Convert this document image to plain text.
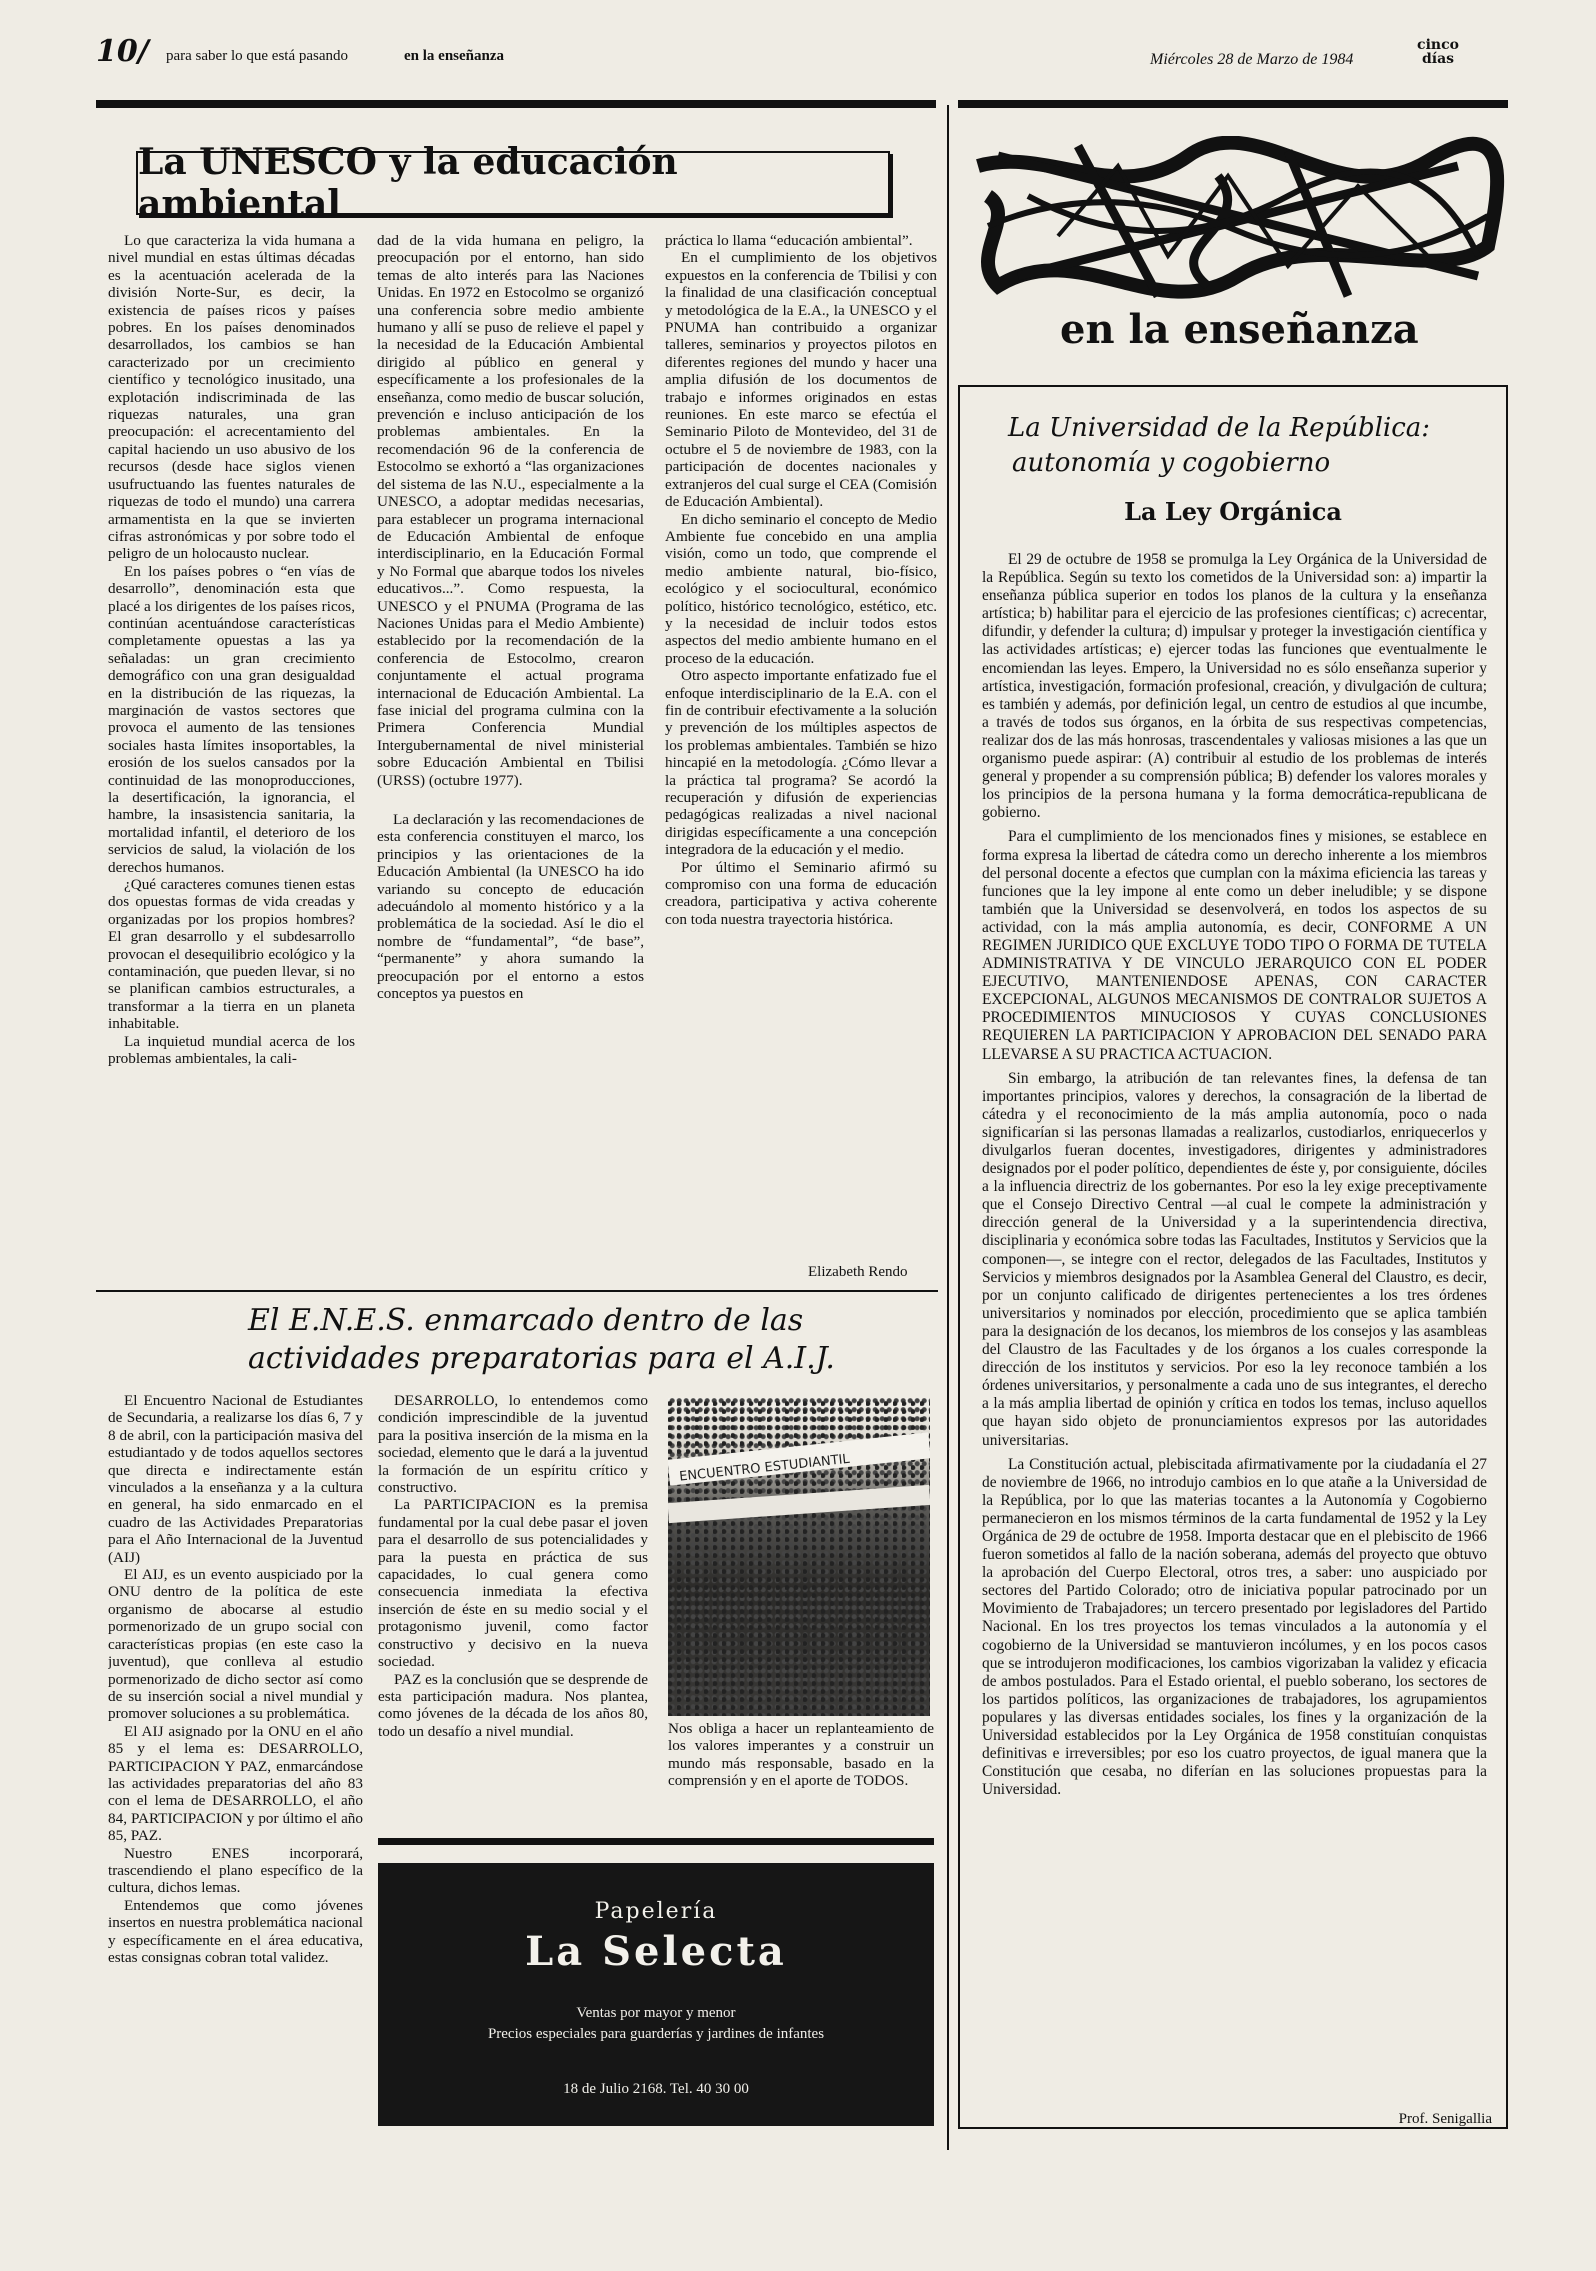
10/ para saber lo que está pasando	en la enseñanza	Miércoles 28 de Marzo de 1984
cinco días
La UNESCO y la educación ambiental

Lo que caracteriza la vida humana a nivel mundial en estas últimas décadas es la acentuación acelerada de la división Norte-Sur, es decir, la existencia de países ricos y países pobres. En los países denominados desarrollados, los cambios se han caracterizado por un crecimiento científico y tecnológico inusitado, una explotación indiscriminada de las riquezas naturales, una gran preocupación: el acrecentamiento del capital haciendo un uso abusivo de los recursos (desde hace siglos vienen usufructuando las fuentes naturales de riquezas de todo el mundo) una carrera armamentista en la que se invierten cifras astronómicas y por sobre todo el peligro de un holocausto nuclear.

En los países pobres o “en vías de desarrollo”, denominación esta que placé a los dirigentes de los países ricos, continúan acentuándose características completamente opuestas a las ya señaladas: un gran crecimiento demográfico con una gran desigualdad en la distribución de las riquezas, la marginación de vastos sectores que provoca el aumento de las tensiones sociales hasta límites insoportables, la erosión de los suelos cansados por la continuidad de las monoproducciones, la desertificación, la ignorancia, el hambre, la insasistencia sanitaria, la mortalidad infantil, el deterioro de los servicios de salud, la violación de los derechos humanos.

¿Qué caracteres comunes tienen estas dos opuestas formas de vida creadas y organizadas por los propios hombres? El gran desarrollo y el subdesarrollo provocan el desequilibrio ecológico y la contaminación, que pueden llevar, si no se planifican cambios estructurales, a transformar a la tierra en un planeta inhabitable.

La inquietud mundial acerca de los problemas ambientales, la cali-

dad de la vida humana en peligro, la preocupación por el entorno, han sido temas de alto interés para las Naciones Unidas. En 1972 en Estocolmo se organizó una conferencia sobre medio ambiente humano y allí se puso de relieve el papel y la necesidad de la Educación Ambiental dirigido al público en general y específicamente a los profesionales de la enseñanza, como medio de buscar solución, prevención e incluso anticipación de los problemas ambientales. En la recomendación 96 de la conferencia de Estocolmo se exhortó a “las organizaciones del sistema de las N.U., especialmente a la UNESCO, a adoptar medidas necesarias, para establecer un programa internacional de Educación Ambiental de enfoque interdisciplinario, en la Educación Formal y No Formal que abarque todos los niveles educativos...”. Como respuesta, la UNESCO y el PNUMA (Programa de las Naciones Unidas para el Medio Ambiente) establecido por la recomendación de la conferencia de Estocolmo, crearon conjuntamente el actual programa internacional de Educación Ambiental. La fase inicial del programa culmina con la Primera Conferencia Mundial Intergubernamental de nivel ministerial sobre Educación Ambiental en Tbilisi (URSS) (octubre 1977).

La declaración y las recomendaciones de esta conferencia constituyen el marco, los principios y las orientaciones de la Educación Ambiental (la UNESCO ha ido variando su concepto de educación adecuándolo al momento histórico y a la problemática de la sociedad. Así le dio el nombre de “fundamental”, “de base”, “permanente” y ahora sumando la preocupación por el entorno a estos conceptos ya puestos en

práctica lo llama “educación ambiental”.

En el cumplimiento de los objetivos expuestos en la conferencia de Tbilisi y con la finalidad de una clasificación conceptual y metodológica de la E.A., la UNESCO y el PNUMA han contribuido a organizar talleres, seminarios y proyectos pilotos en diferentes regiones del mundo y hacer una amplia difusión de los documentos de trabajo e informes originados en estas reuniones. En este marco se efectúa el Seminario Piloto de Montevideo, del 31 de octubre el 5 de noviembre de 1983, con la participación de docentes nacionales y extranjeros del cual surge el CEA (Comisión de Educación Ambiental).

En dicho seminario el concepto de Medio Ambiente fue concebido en una amplia visión, como un todo, que comprende el medio ambiente natural, bio-físico, ecológico y el sociocultural, económico político, histórico tecnológico, estético, etc. y la necesidad de incluir todos estos aspectos del medio ambiente humano en el proceso de la educación.

Otro aspecto importante enfatizado fue el enfoque interdisciplinario de la E.A. con el fin de contribuir efectivamente a la solución y prevención de los múltiples aspectos de los problemas ambientales. También se hizo hincapié en la metodología. ¿Cómo llevar a la práctica tal programa? Se acordó la recuperación y difusión de experiencias pedagógicas realizadas a nivel nacional dirigidas específicamente a una concepción integradora de la educación y el medio.

Por último el Seminario afirmó su compromiso con una forma de educación creadora, participativa y activa coherente con toda nuestra trayectoria histórica.

Elizabeth Rendo
El E.N.E.S. enmarcado dentro de las
actividades preparatorias para el A.I.J.

El Encuentro Nacional de Estudiantes de Secundaria, a realizarse los días 6, 7 y 8 de abril, con la participación masiva del estudiantado y de todos aquellos sectores que directa e indirectamente están vinculados a la enseñanza y a la cultura en general, ha sido enmarcado en el cuadro de las Actividades Preparatorias para el Año Internacional de la Juventud (AIJ)

El AIJ, es un evento auspiciado por la ONU dentro de la política de este organismo de abocarse al estudio pormenorizado de un grupo social con características propias (en este caso la juventud), que conlleva al estudio pormenorizado de dicho sector así como de su inserción social a nivel mundial y promover soluciones a su problemática.

El AIJ asignado por la ONU en el año 85 y el lema es: DESARROLLO, PARTICIPACION Y PAZ, enmarcándose las actividades preparatorias del año 83 con el lema de DESARROLLO, el año 84, PARTICIPACION y por último el año 85, PAZ.

Nuestro ENES incorporará, trascendiendo el plano específico de la cultura, dichos lemas.

Entendemos que como jóvenes insertos en nuestra problemática nacional y específicamente en el área educativa, estas consignas cobran total validez.

DESARROLLO, lo entendemos como condición imprescindible de la juventud para la positiva inserción de la misma en la sociedad, elemento que le dará a la juventud la formación de un espíritu crítico y constructivo.

La PARTICIPACION es la premisa fundamental por la cual debe pasar el joven para el desarrollo de sus potencialidades y para la puesta en práctica de sus capacidades, lo cual genera como consecuencia inmediata la efectiva inserción de éste en su medio social y el protagonismo juvenil, como factor constructivo y decisivo en la nueva sociedad.

PAZ es la conclusión que se desprende de esta participación madura. Nos plantea, como jóvenes de la década de los años 80, todo un desafío a nivel mundial.

ENCUENTRO ESTUDIANTIL

Nos obliga a hacer un replanteamiento de los valores imperantes y a construir un mundo más responsable, basado en la comprensión y en el aporte de TODOS.

Papelería
La Selecta
Ventas por mayor y menor
Precios especiales para guarderías y jardines de infantes
18 de Julio 2168. Tel. 40 30 00
en la enseñanza
La Universidad de la República:
autonomía y cogobierno
La Ley Orgánica

El 29 de octubre de 1958 se promulga la Ley Orgánica de la Universidad de la República. Según su texto los cometidos de la Universidad son: a) impartir la enseñanza pública superior en todos los planos de la cultura y la enseñanza artística; b) habilitar para el ejercicio de las profesiones científicas; c) acrecentar, difundir, y defender la cultura; d) impulsar y proteger la investigación científica y las actividades artísticas; e) ejercer todas las funciones que eventualmente le encomiendan las leyes. Empero, la Universidad no es sólo enseñanza superior y artística, investigación, formación profesional, creación, y divulgación de cultura; es también y además, por definición legal, un centro de estudios al que incumbe, a través de todos sus órganos, en la órbita de sus respectivas competencias, realizar dos de las más honrosas, trascendentales y valiosas misiones a las que un organismo puede aspirar: (A) contribuir al estudio de los problemas de interés general y propender a su comprensión pública; B) defender los valores morales y los principios de la persona humana y la forma democrática-republicana de gobierno.

Para el cumplimiento de los mencionados fines y misiones, se establece en forma expresa la libertad de cátedra como un derecho inherente a los miembros del personal docente a efectos que cumplan con la máxima eficiencia las tareas y funciones que la ley impone al ente como un deber ineludible; y se dispone también que la Universidad se desenvolverá, en todos los aspectos de su actividad, con la más amplia autonomía, es decir, CONFORME A UN REGIMEN JURIDICO QUE EXCLUYE TODO TIPO O FORMA DE TUTELA ADMINISTRATIVA Y DE VINCULO JERARQUICO CON EL PODER EJECUTIVO, MANTENIENDOSE APENAS, CON CARACTER EXCEPCIONAL, ALGUNOS MECANISMOS DE CONTRALOR SUJETOS A PROCEDIMIENTOS MINUCIOSOS Y CUYAS CONCLUSIONES REQUIEREN LA PARTICIPACION Y APROBACION DEL SENADO PARA LLEVARSE A SU PRACTICA ACTUACION.

Sin embargo, la atribución de tan relevantes fines, la defensa de tan importantes principios, valores y derechos, la consagración de la libertad de cátedra y el reconocimiento de la más amplia autonomía, poco o nada significarían si las personas llamadas a realizarlos, custodiarlos, enriquecerlos y divulgarlos fueran docentes, investigadores, dirigentes y administradores designados por el poder político, dependientes de éste y, por consiguiente, dóciles a la influencia directriz de los gobernantes. Por eso la ley exige preceptivamente que el Consejo Directivo Central —al cual le compete la administración y dirección general de la Universidad y a la superintendencia directiva, disciplinaria y económica sobre todas las Facultades, Institutos y Servicios que la componen—, se integre con el rector, delegados de las Facultades, Institutos y Servicios y miembros designados por la Asamblea General del Claustro, es decir, por un conjunto calificado de dirigentes pertenecientes a los tres órdenes universitarios y nominados por elección, procedimiento que se aplica también para la designación de los decanos, los miembros de los consejos y las asambleas del Claustro de las Facultades y de los órganos a los cuales corresponde la dirección de los institutos y servicios. Por eso la ley reconoce también a los órdenes universitarios, y personalmente a cada uno de sus integrantes, el derecho a la más amplia libertad de opinión y crítica en todos los temas, incluso aquellos que hayan sido objeto de pronunciamientos expresos por las autoridades universitarias.

La Constitución actual, plebiscitada afirmativamente por la ciudadanía el 27 de noviembre de 1966, no introdujo cambios en lo que atañe a la Universidad de la República, por lo que las materias tocantes a la Autonomía y Cogobierno permanecieron en los mismos términos de la carta fundamental de 1952 y la Ley Orgánica de 29 de octubre de 1958. Importa destacar que en el plebiscito de 1966 fueron sometidos al fallo de la nación soberana, además del proyecto que obtuvo la aprobación del Cuerpo Electoral, otros tres, a saber: uno auspiciado por sectores del Partido Colorado; otro de iniciativa popular patrocinado por un Movimiento de Trabajadores; un tercero presentado por legisladores del Partido Nacional. En los tres proyectos los temas vinculados a la autonomía y el cogobierno de la Universidad se mantuvieron incólumes, y en los pocos casos que se introdujeron modificaciones, los cambios vigorizaban la validez y eficacia de ambos postulados. Para el Estado oriental, el pueblo soberano, los sectores de los partidos políticos, las organizaciones de trabajadores, los agrupamientos populares y las diversas entidades sociales, los fines y la organización de la Universidad establecidos por la Ley Orgánica de 1958 constituían conquistas definitivas e irreversibles; por eso los cuatro proyectos, de igual manera que la Constitución que cesaba, no diferían en las soluciones propuestas para la Universidad.

Prof. Senigallia
